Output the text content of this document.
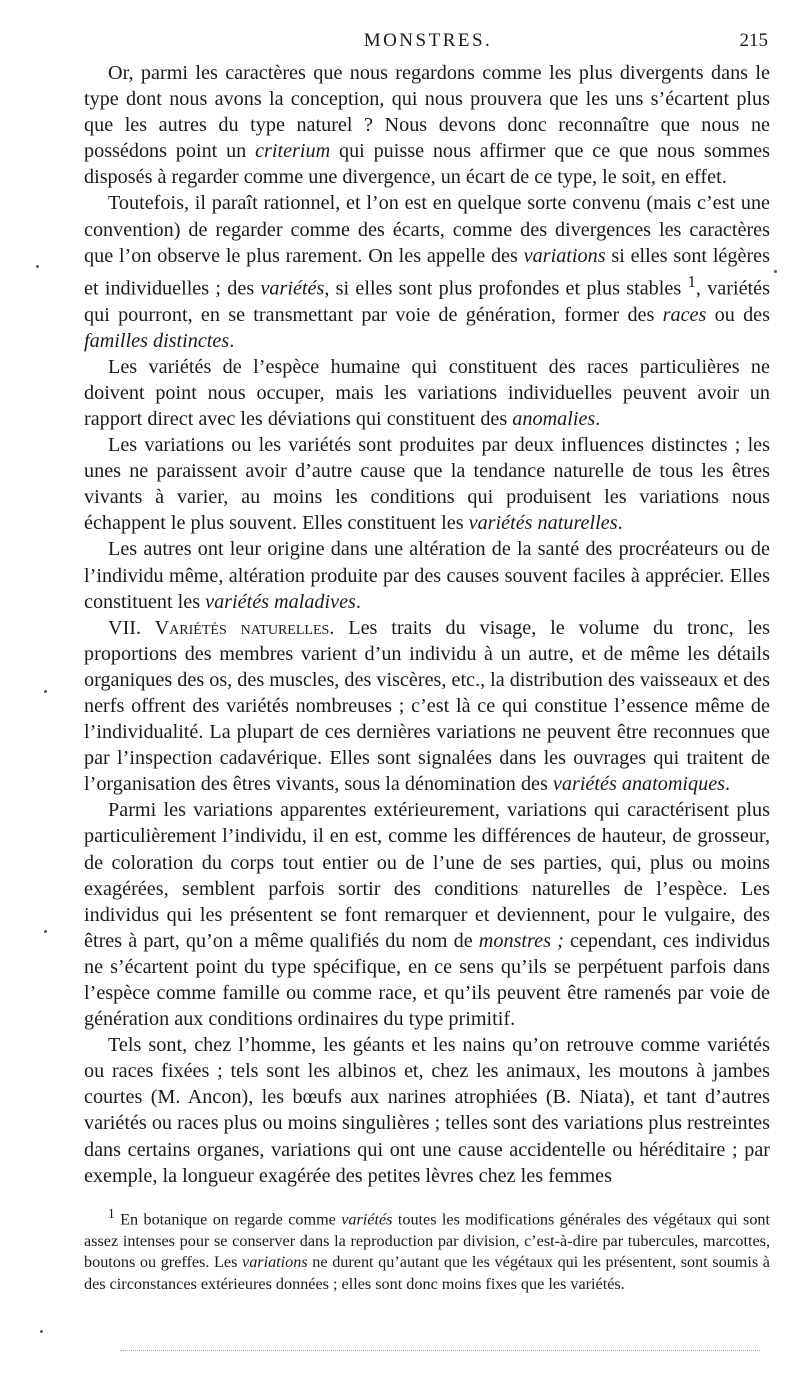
MONSTRES.	215

Or, parmi les caractères que nous regardons comme les plus divergents dans le type dont nous avons la conception, qui nous prouvera que les uns s’écartent plus que les autres du type naturel ? Nous devons donc reconnaître que nous ne possédons point un criterium qui puisse nous affirmer que ce que nous sommes disposés à regarder comme une divergence, un écart de ce type, le soit, en effet.

Toutefois, il paraît rationnel, et l’on est en quelque sorte convenu (mais c’est une convention) de regarder comme des écarts, comme des divergences les caractères que l’on observe le plus rarement. On les appelle des variations si elles sont légères et individuelles ; des variétés, si elles sont plus profondes et plus stables $^1$, variétés qui pourront, en se transmettant par voie de génération, former des races ou des familles distinctes.

Les variétés de l’espèce humaine qui constituent des races particulières ne doivent point nous occuper, mais les variations individuelles peuvent avoir un rapport direct avec les déviations qui constituent des anomalies.

Les variations ou les variétés sont produites par deux influences distinctes ; les unes ne paraissent avoir d’autre cause que la tendance naturelle de tous les êtres vivants à varier, au moins les conditions qui produisent les variations nous échappent le plus souvent. Elles constituent les variétés naturelles.

Les autres ont leur origine dans une altération de la santé des procréateurs ou de l’individu même, altération produite par des causes souvent faciles à apprécier. Elles constituent les variétés maladives.

VII. Variétés naturelles. Les traits du visage, le volume du tronc, les proportions des membres varient d’un individu à un autre, et de même les détails organiques des os, des muscles, des viscères, etc., la distribution des vaisseaux et des nerfs offrent des variétés nombreuses ; c’est là ce qui constitue l’essence même de l’individualité. La plupart de ces dernières variations ne peuvent être reconnues que par l’inspection cadavérique. Elles sont signalées dans les ouvrages qui traitent de l’organisation des êtres vivants, sous la dénomination des variétés anatomiques.

Parmi les variations apparentes extérieurement, variations qui caractérisent plus particulièrement l’individu, il en est, comme les différences de hauteur, de grosseur, de coloration du corps tout entier ou de l’une de ses parties, qui, plus ou moins exagérées, semblent parfois sortir des conditions naturelles de l’espèce. Les individus qui les présentent se font remarquer et deviennent, pour le vulgaire, des êtres à part, qu’on a même qualifiés du nom de monstres ; cependant, ces individus ne s’écartent point du type spécifique, en ce sens qu’ils se perpétuent parfois dans l’espèce comme famille ou comme race, et qu’ils peuvent être ramenés par voie de génération aux conditions ordinaires du type primitif.

Tels sont, chez l’homme, les géants et les nains qu’on retrouve comme variétés ou races fixées ; tels sont les albinos et, chez les animaux, les moutons à jambes courtes (M. Ancon), les bœufs aux narines atrophiées (B. Niata), et tant d’autres variétés ou races plus ou moins singulières ; telles sont des variations plus restreintes dans certains organes, variations qui ont une cause accidentelle ou héréditaire ; par exemple, la longueur exagérée des petites lèvres chez les femmes

$^1$ En botanique on regarde comme variétés toutes les modifications générales des végétaux qui sont assez intenses pour se conserver dans la reproduction par division, c’est-à-dire par tubercules, marcottes, boutons ou greffes. Les variations ne durent qu’autant que les végétaux qui les présentent, sont soumis à des circonstances extérieures données ; elles sont donc moins fixes que les variétés.
